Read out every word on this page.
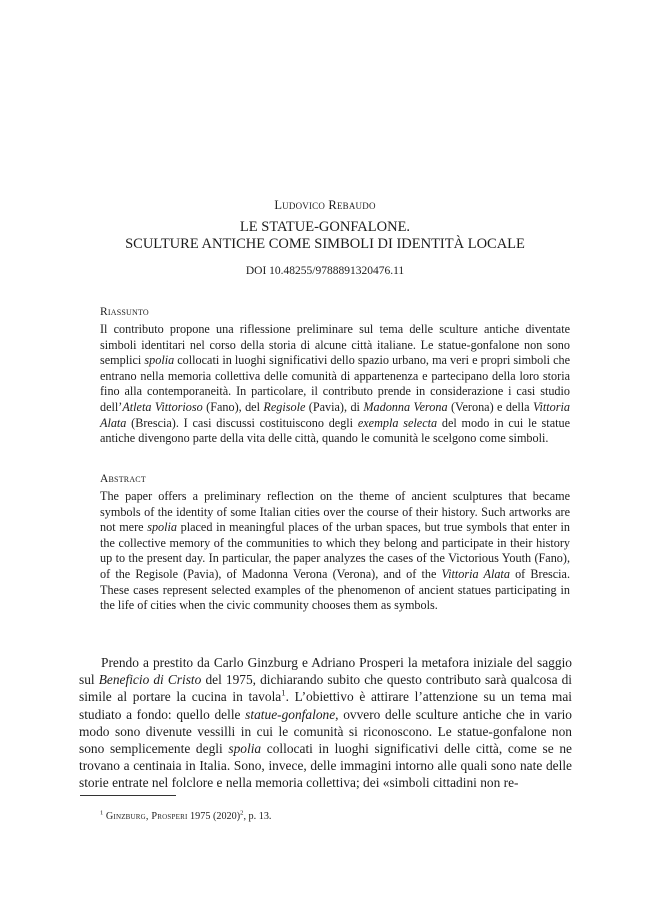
Ludovico Rebaudo
LE STATUE-GONFALONE.
SCULTURE ANTICHE COME SIMBOLI DI IDENTITÀ LOCALE
DOI 10.48255/9788891320476.11
Riassunto

Il contributo propone una riflessione preliminare sul tema delle sculture antiche diventate simboli identitari nel corso della storia di alcune città italiane. Le statue-gonfalone non sono semplici spolia collocati in luoghi significativi dello spazio urbano, ma veri e propri simboli che entrano nella memoria collettiva delle comunità di appartenenza e partecipano della loro storia fino alla contemporaneità. In particolare, il contributo prende in considerazione i casi studio dell’Atleta Vittorioso (Fano), del Regisole (Pavia), di Madonna Verona (Verona) e della Vittoria Alata (Brescia). I casi discussi costituiscono degli exempla selecta del modo in cui le statue antiche divengono parte della vita delle città, quando le comunità le scelgono come simboli.

Abstract

The paper offers a preliminary reflection on the theme of ancient sculptures that became symbols of the identity of some Italian cities over the course of their history. Such artworks are not mere spolia placed in meaningful places of the urban spaces, but true symbols that enter in the collective memory of the communities to which they belong and participate in their history up to the present day. In particular, the paper analyzes the cases of the Victorious Youth (Fano), of the Regisole (Pavia), of Madonna Verona (Verona), and of the Vittoria Alata of Brescia. These cases represent selected examples of the phenomenon of ancient statues participating in the life of cities when the civic community chooses them as symbols.

Prendo a prestito da Carlo Ginzburg e Adriano Prosperi la metafora iniziale del saggio sul Beneficio di Cristo del 1975, dichiarando subito che questo contributo sarà qualcosa di simile al portare la cucina in tavola$^1$. L’obiettivo è attirare l’attenzione su un tema mai studiato a fondo: quello delle statue-gonfalone, ovvero delle sculture antiche che in vario modo sono divenute vessilli in cui le comunità si riconoscono. Le statue-gonfalone non sono semplicemente degli spolia collocati in luoghi significativi delle città, come se ne trovano a centinaia in Italia. Sono, invece, delle immagini intorno alle quali sono nate delle storie entrate nel folclore e nella memoria collettiva; dei «simboli cittadini non re-

$^1$ Ginzburg, Prosperi 1975 $(2020)^2$, p. 13.
